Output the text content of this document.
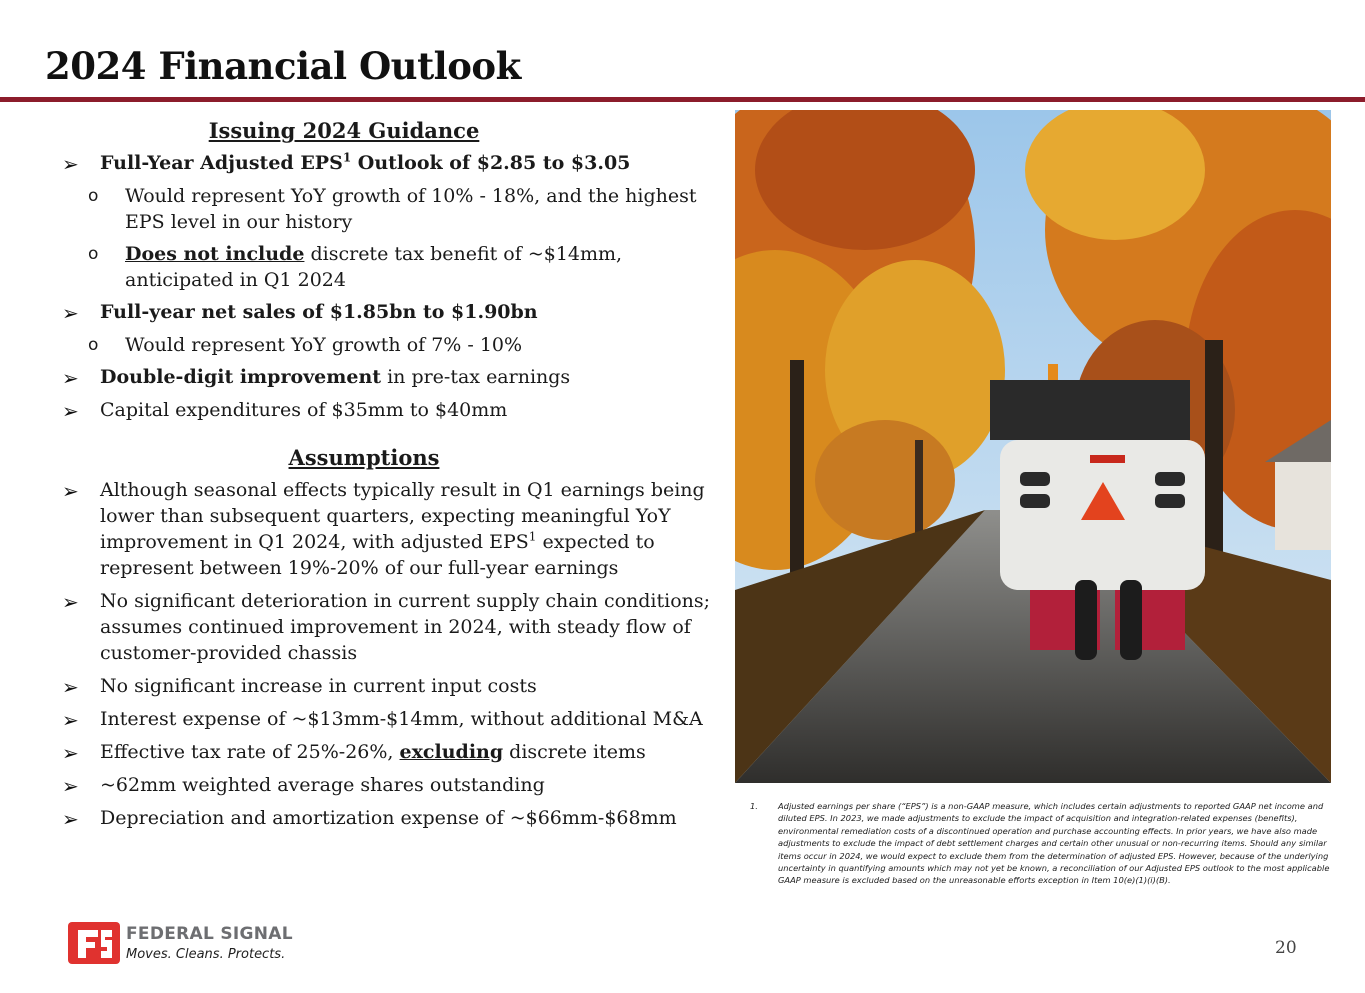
2024 Financial Outlook
Issuing 2024 Guidance
➢ Full-Year Adjusted EPS$^1$ Outlook of $2.85 to $3.05
o Would represent YoY growth of 10% - 18%, and the highest EPS level in our history
o Does not include discrete tax benefit of ~$14mm, anticipated in Q1 2024
➢ Full-year net sales of $1.85bn to $1.90bn
o Would represent YoY growth of 7% - 10%
➢ Double-digit improvement in pre-tax earnings
➢ Capital expenditures of $35mm to $40mm
Assumptions
➢ Although seasonal effects typically result in Q1 earnings being lower than subsequent quarters, expecting meaningful YoY improvement in Q1 2024, with adjusted EPS$^1$ expected to represent between 19%-20% of our full-year earnings
➢ No significant deterioration in current supply chain conditions; assumes continued improvement in 2024, with steady flow of customer-provided chassis
➢ No significant increase in current input costs
➢ Interest expense of ~$13mm-$14mm, without additional M&A
➢ Effective tax rate of 25%-26%, excluding discrete items
➢ ~62mm weighted average shares outstanding
➢ Depreciation and amortization expense of ~$66mm-$68mm
1. Adjusted earnings per share (“EPS”) is a non-GAAP measure, which includes certain adjustments to reported GAAP net income and diluted EPS. In 2023, we made adjustments to exclude the impact of acquisition and integration-related expenses (benefits), environmental remediation costs of a discontinued operation and purchase accounting effects. In prior years, we have also made adjustments to exclude the impact of debt settlement charges and certain other unusual or non-recurring items. Should any similar items occur in 2024, we would expect to exclude them from the determination of adjusted EPS. However, because of the underlying uncertainty in quantifying amounts which may not yet be known, a reconciliation of our Adjusted EPS outlook to the most applicable GAAP measure is excluded based on the unreasonable efforts exception in Item 10(e)(1)(i)(B).
FEDERAL SIGNAL
Moves. Cleans. Protects.	20
